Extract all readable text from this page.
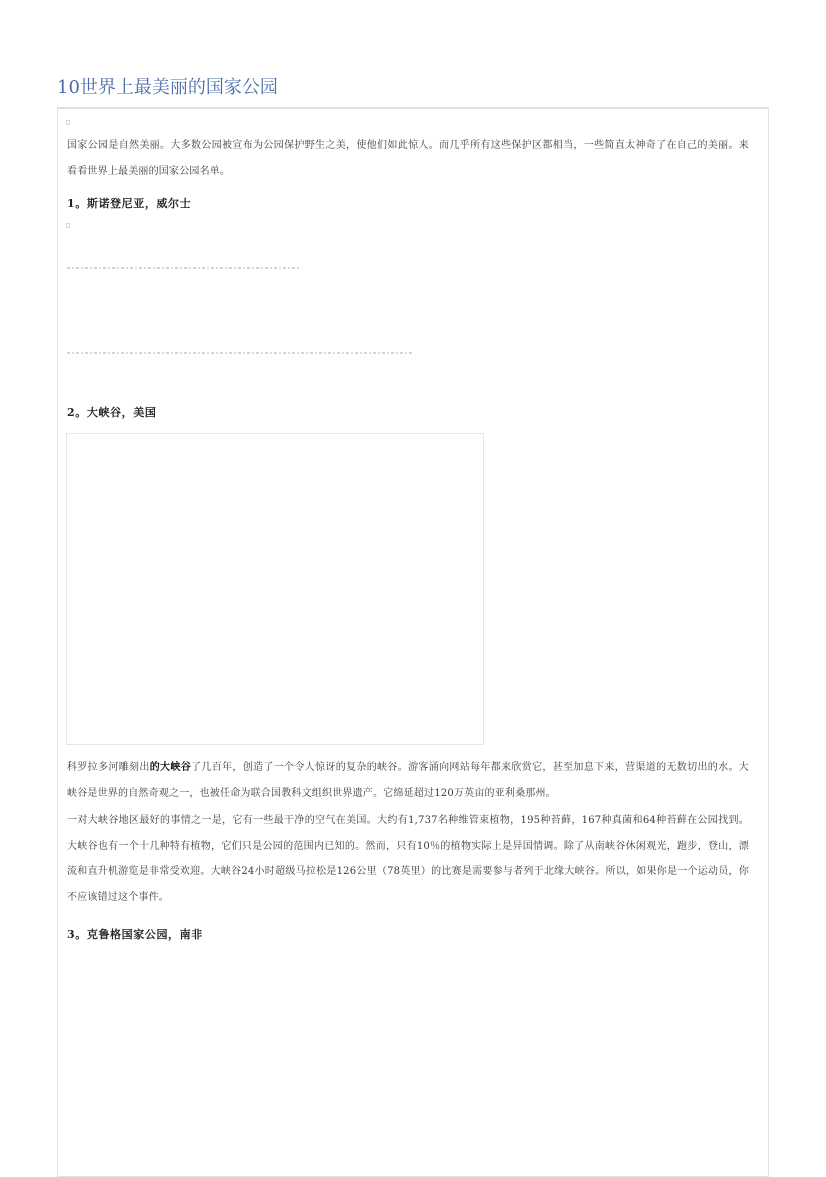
10世界上最美丽的国家公园

国家公园是自然美丽。大多数公园被宣布为公园保护野生之美，使他们如此惊人。而几乎所有这些保护区都相当，一些简直太神奇了在自己的美丽。来看看世界上最美丽的国家公园名单。

1。斯诺登尼亚，威尔士
2。大峡谷，美国

科罗拉多河雕刻出的大峡谷了几百年，创造了一个令人惊讶的复杂的峡谷。游客涌向网站每年都来欣赏它，甚至加息下来，营渠道的无数切出的水。大峡谷是世界的自然奇观之一，也被任命为联合国教科文组织世界遗产。它绵延超过120万英亩的亚利桑那州。

一对大峡谷地区最好的事情之一是，它有一些最干净的空气在美国。大约有1,737名种维管束植物，195种苔藓，167种真菌和64种苔藓在公园找到。大峡谷也有一个十几种特有植物，它们只是公园的范围内已知的。然而，只有10％的植物实际上是异国情调。除了从南峡谷休闲观光，跑步，登山，漂流和直升机游览是非常受欢迎。大峡谷24小时超级马拉松是126公里（78英里）的比赛是需要参与者列于北缘大峡谷。所以，如果你是一个运动员，你不应该错过这个事件。

3。克鲁格国家公园，南非
